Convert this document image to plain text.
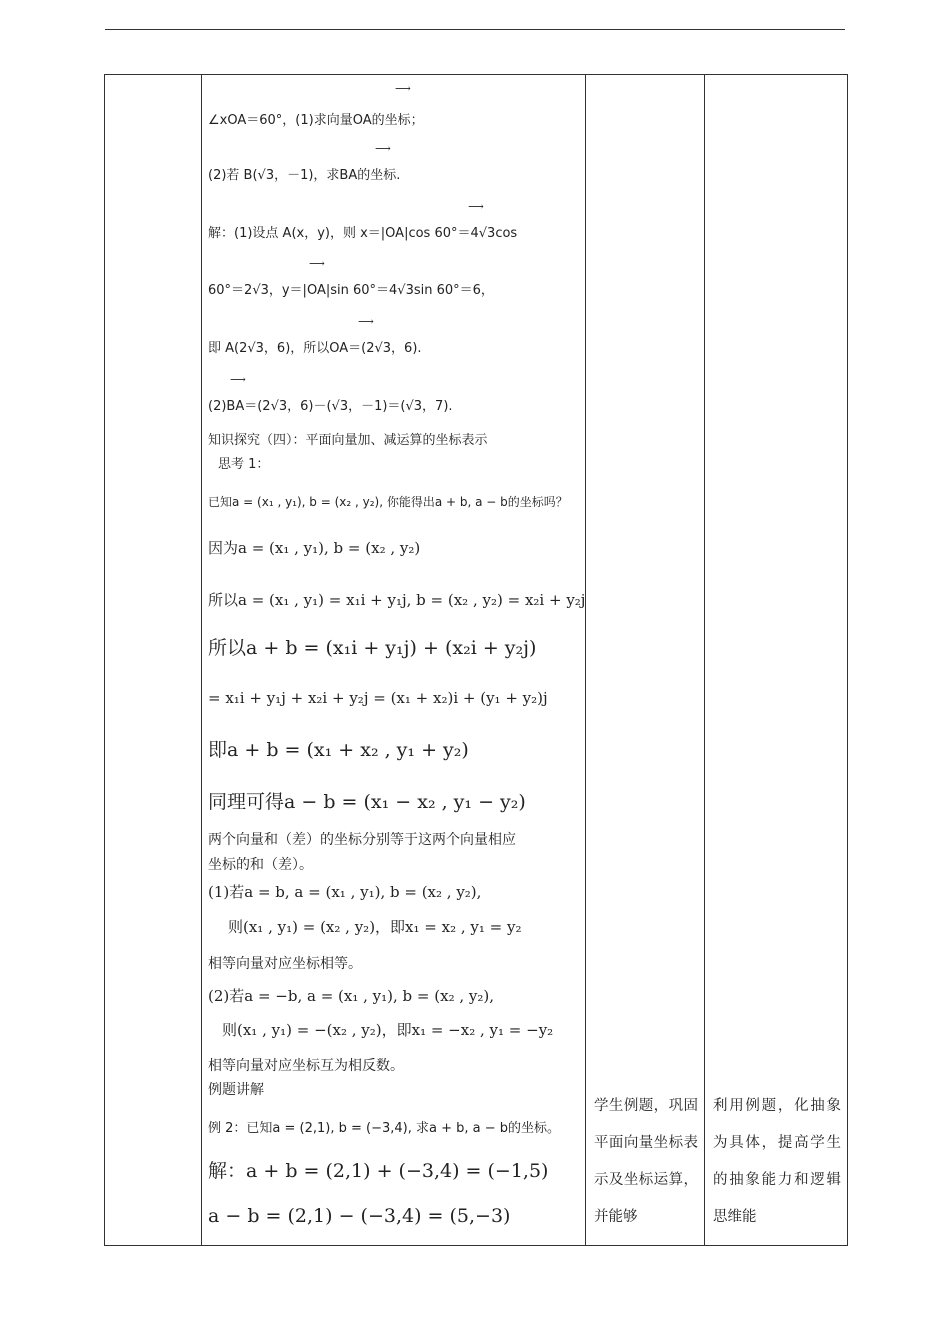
⟶
∠xOA＝60°，(1)求向量OA的坐标；
⟶
(2)若 B(√3，－1)，求BA的坐标.
⟶
解：(1)设点 A(x，y)，则 x＝|OA|cos 60°＝4√3cos
⟶
60°＝2√3，y＝|OA|sin 60°＝4√3sin 60°＝6，
⟶
即 A(2√3，6)，所以OA＝(2√3，6).
⟶
(2)BA＝(2√3，6)－(√3，－1)＝(√3，7).
知识探究（四）：平面向量加、减运算的坐标表示
思考 1：
已知a = (x₁ , y₁), b = (x₂ , y₂), 你能得出a + b, a − b的坐标吗？
因为a = (x₁ , y₁), b = (x₂ , y₂)
所以a = (x₁ , y₁) = x₁i + y₁j, b = (x₂ , y₂) = x₂i + y₂j
所以a + b = (x₁i + y₁j) + (x₂i + y₂j)
= x₁i + y₁j + x₂i + y₂j = (x₁ + x₂)i + (y₁ + y₂)j
即a + b = (x₁ + x₂ , y₁ + y₂)
同理可得a − b = (x₁ − x₂ , y₁ − y₂)
两个向量和（差）的坐标分别等于这两个向量相应
坐标的和（差）。
(1)若a = b, a = (x₁ , y₁), b = (x₂ , y₂),
则(x₁ , y₁) = (x₂ , y₂)，即x₁ = x₂ , y₁ = y₂
相等向量对应坐标相等。
(2)若a = −b, a = (x₁ , y₁), b = (x₂ , y₂),
则(x₁ , y₁) = −(x₂ , y₂)，即x₁ = −x₂ , y₁ = −y₂
相等向量对应坐标互为相反数。
例题讲解
例 2：已知a = (2,1), b = (−3,4), 求a + b, a − b的坐标。
解：a + b = (2,1) + (−3,4) = (−1,5)
a − b = (2,1) − (−3,4) = (5,−3)

学生例题，巩固平面向量坐标表示及坐标运算，并能够

利用例题，化抽象为具体，提高学生的抽象能力和逻辑思维能
